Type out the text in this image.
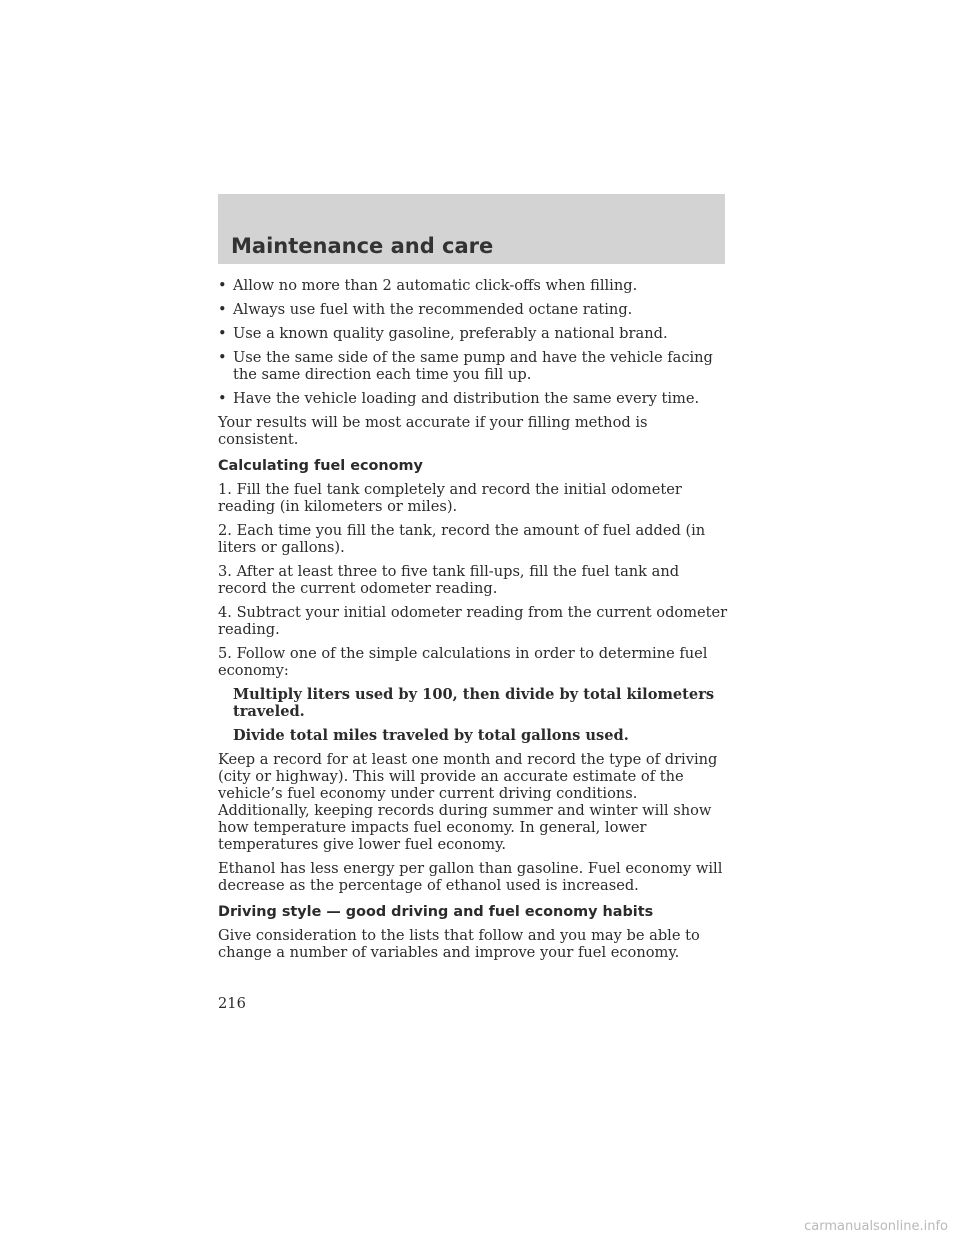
Maintenance and care
• Allow no more than 2 automatic click-offs when filling.
• Always use fuel with the recommended octane rating.
• Use a known quality gasoline, preferably a national brand.
• Use the same side of the same pump and have the vehicle facing the same direction each time you fill up.
• Have the vehicle loading and distribution the same every time.

Your results will be most accurate if your filling method is consistent.

Calculating fuel economy

1. Fill the fuel tank completely and record the initial odometer reading (in kilometers or miles).

2. Each time you fill the tank, record the amount of fuel added (in liters or gallons).

3. After at least three to five tank fill-ups, fill the fuel tank and record the current odometer reading.

4. Subtract your initial odometer reading from the current odometer reading.

5. Follow one of the simple calculations in order to determine fuel economy:

Multiply liters used by 100, then divide by total kilometers traveled.

Divide total miles traveled by total gallons used.

Keep a record for at least one month and record the type of driving (city or highway). This will provide an accurate estimate of the vehicle’s fuel economy under current driving conditions. Additionally, keeping records during summer and winter will show how temperature impacts fuel economy. In general, lower temperatures give lower fuel economy.

Ethanol has less energy per gallon than gasoline. Fuel economy will decrease as the percentage of ethanol used is increased.

Driving style — good driving and fuel economy habits

Give consideration to the lists that follow and you may be able to change a number of variables and improve your fuel economy.

216
carmanualsonline.info
